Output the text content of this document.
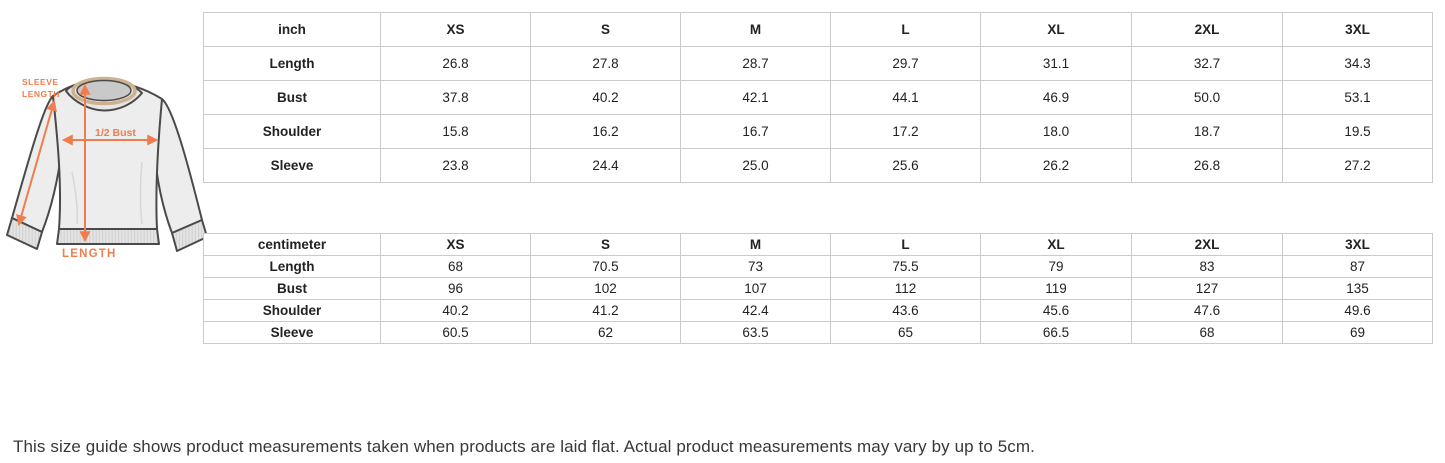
SLEEVE
LENGTH
1/2 Bust
LENGTH
inch	XS	S	M	L	XL	2XL	3XL
Length	26.8	27.8	28.7	29.7	31.1	32.7	34.3
Bust	37.8	40.2	42.1	44.1	46.9	50.0	53.1
Shoulder	15.8	16.2	16.7	17.2	18.0	18.7	19.5
Sleeve	23.8	24.4	25.0	25.6	26.2	26.8	27.2
centimeter	XS	S	M	L	XL	2XL	3XL
Length	68	70.5	73	75.5	79	83	87
Bust	96	102	107	112	119	127	135
Shoulder	40.2	41.2	42.4	43.6	45.6	47.6	49.6
Sleeve	60.5	62	63.5	65	66.5	68	69
This size guide shows product measurements taken when products are laid flat. Actual product measurements may vary by up to 5cm.
